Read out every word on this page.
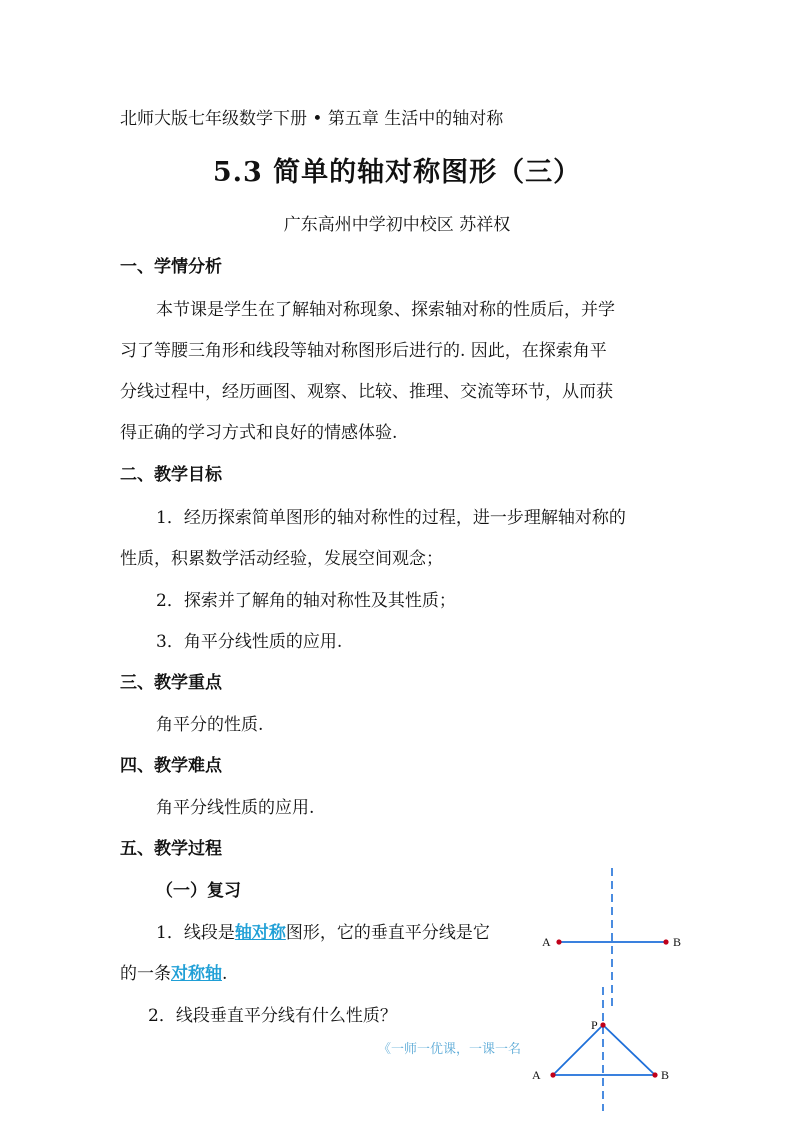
北师大版七年级数学下册 • 第五章 生活中的轴对称
5.3 简单的轴对称图形（三）
广东高州中学初中校区 苏祥权
一、学情分析
本节课是学生在了解轴对称现象、探索轴对称的性质后，并学
习了等腰三角形和线段等轴对称图形后进行的. 因此，在探索角平
分线过程中，经历画图、观察、比较、推理、交流等环节，从而获
得正确的学习方式和良好的情感体验.
二、教学目标
1．经历探索简单图形的轴对称性的过程，进一步理解轴对称的
性质，积累数学活动经验，发展空间观念；
2．探索并了解角的轴对称性及其性质；
3．角平分线性质的应用.
三、教学重点
角平分的性质.
四、教学难点
角平分线性质的应用.
五、教学过程
（一）复习
1．线段是轴对称图形，它的垂直平分线是它
的一条对称轴.
2．线段垂直平分线有什么性质？
《一师一优课，一课一名
A	B
P
A	B
